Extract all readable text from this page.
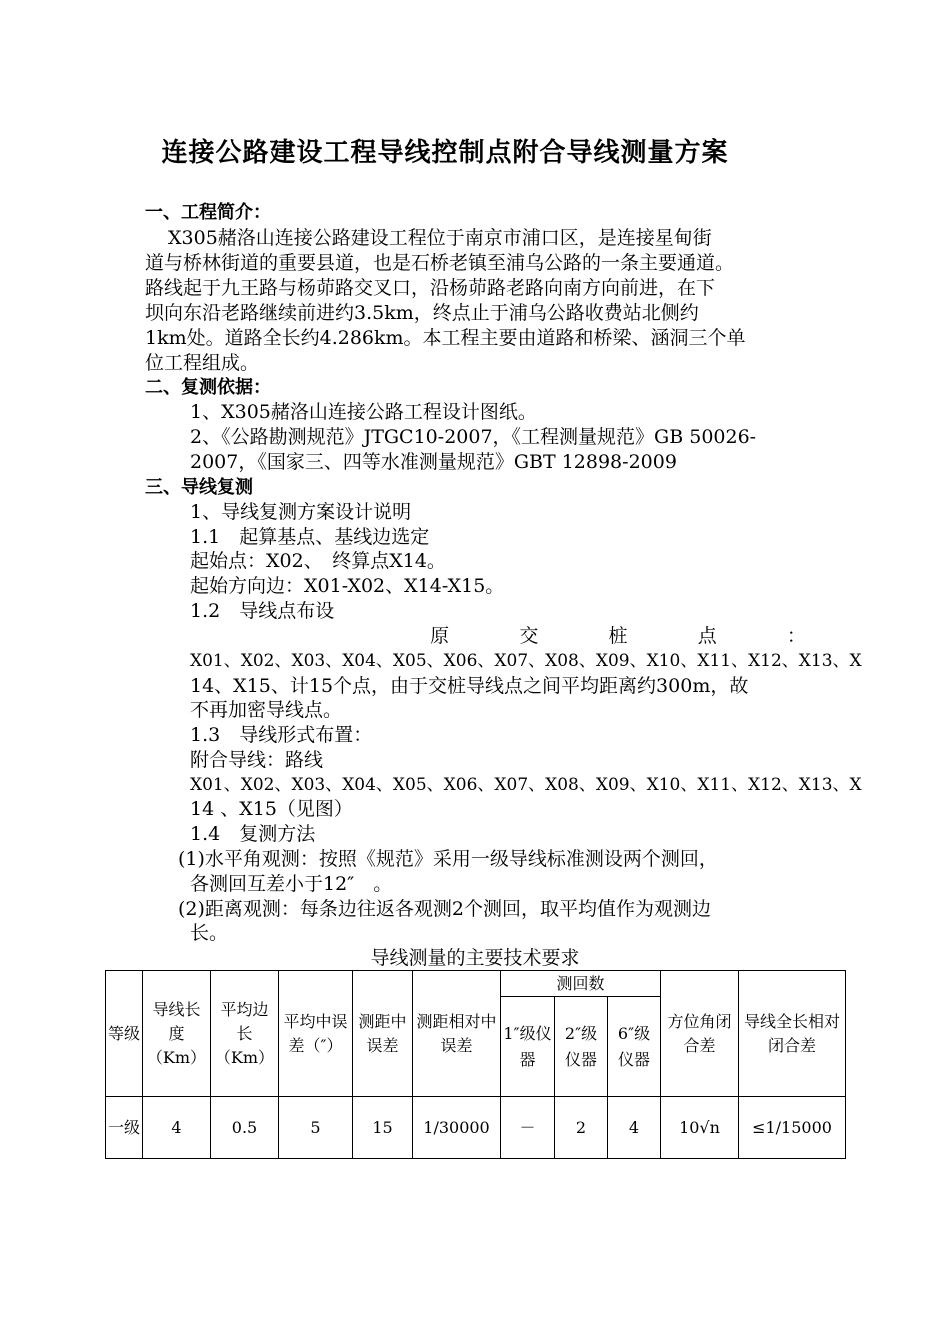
连接公路建设工程导线控制点附合导线测量方案
一、工程简介：
X305赭洛山连接公路建设工程位于南京市浦口区，是连接星甸街
道与桥林街道的重要县道，也是石桥老镇至浦乌公路的一条主要通道。
路线起于九王路与杨茆路交叉口，沿杨茆路老路向南方向前进，在下
坝向东沿老路继续前进约3.5km，终点止于浦乌公路收费站北侧约
1km处。道路全长约4.286km。本工程主要由道路和桥梁、涵洞三个单
位工程组成。
二、复测依据：
1、X305赭洛山连接公路工程设计图纸。
2、《公路勘测规范》JTGC10-2007，《工程测量规范》GB 50026-
2007，《国家三、四等水准测量规范》GBT 12898-2009
三、导线复测
1、导线复测方案设计说明
1.1　起算基点、基线边选定
起始点：X02、　终算点X14。
起始方向边：X01-X02、X14-X15。
1.2　导线点布设
原	交	桩	点	：
X01、X02、X03、X04、X05、X06、X07、X08、X09、X10、X11、X12、X13、X
14、X15、计15个点，由于交桩导线点之间平均距离约300m，故
不再加密导线点。
1.3　导线形式布置：
附合导线：路线
X01、X02、X03、X04、X05、X06、X07、X08、X09、X10、X11、X12、X13、X
14 、X15（见图）
1.4　复测方法
(1)水平角观测：按照《规范》采用一级导线标准测设两个测回，
各测回互差小于12″　。
(2)距离观测：每条边往返各观测2个测回，取平均值作为观测边
长。
导线测量的主要技术要求
等级	导线长度（Km）	平均边长（Km）	平均中误差（″）	测距中误差	测距相对中误差	测回数			方位角闭合差	导线全长相对闭合差
						1″级仪器	2″级仪器	6″级仪器		
一级	4	0.5	5	15	1/30000	－	2	4	10√n	≤1/15000
